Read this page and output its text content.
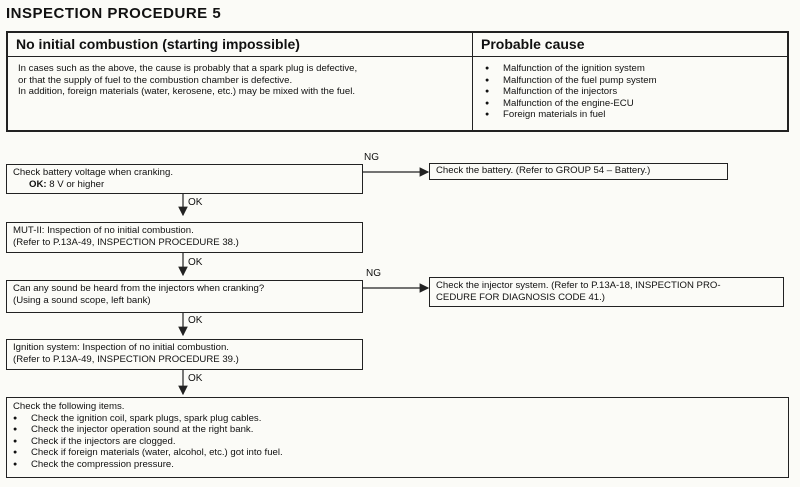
INSPECTION PROCEDURE 5
No initial combustion (starting impossible)

In cases such as the above, the cause is probably that a spark plug is defective,

or that the supply of fuel to the combustion chamber is defective.

In addition, foreign materials (water, kerosene, etc.) may be mixed with the fuel.

Probable cause
● Malfunction of the ignition system
● Malfunction of the fuel pump system
● Malfunction of the injectors
● Malfunction of the engine-ECU
● Foreign materials in fuel

Check battery voltage when cranking.

OK: 8 V or higher

NG
OK
Check the battery. (Refer to GROUP 54 – Battery.)

MUT-II: Inspection of no initial combustion.

(Refer to P.13A-49, INSPECTION PROCEDURE 38.)

OK

Can any sound be heard from the injectors when cranking?

(Using a sound scope, left bank)

NG
OK

Check the injector system. (Refer to P.13A-18, INSPECTION PRO-

CEDURE FOR DIAGNOSIS CODE 41.)

Ignition system: Inspection of no initial combustion.

(Refer to P.13A-49, INSPECTION PROCEDURE 39.)

OK

Check the following items.

● Check the ignition coil, spark plugs, spark plug cables.
● Check the injector operation sound at the right bank.
● Check if the injectors are clogged.
● Check if foreign materials (water, alcohol, etc.) got into fuel.
● Check the compression pressure.
